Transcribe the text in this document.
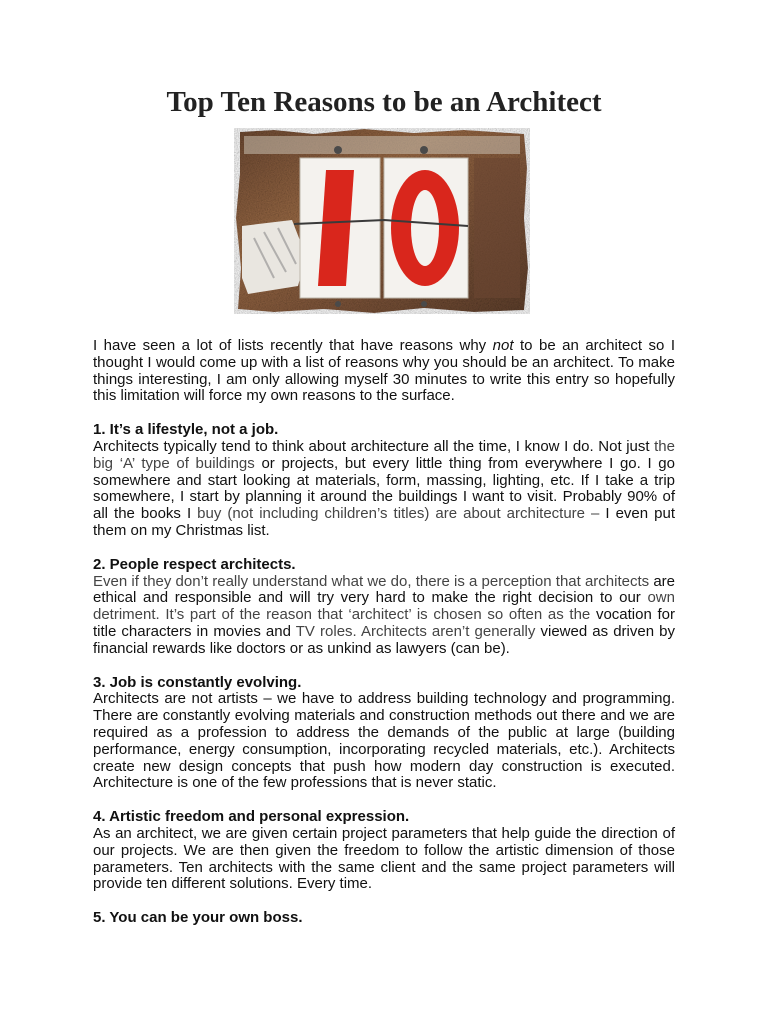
Top Ten Reasons to be an Architect

I have seen a lot of lists recently that have reasons why not to be an architect so I thought I would come up with a list of reasons why you should be an architect. To make things interesting, I am only allowing myself 30 minutes to write this entry so hopefully this limitation will force my own reasons to the surface.

1. It’s a lifestyle, not a job.

Architects typically tend to think about architecture all the time, I know I do. Not just the big ‘A’ type of buildings or projects, but every little thing from everywhere I go. I go somewhere and start looking at materials, form, massing, lighting, etc. If I take a trip somewhere, I start by planning it around the buildings I want to visit. Probably 90% of all the books I buy (not including children’s titles) are about architecture – I even put them on my Christmas list.

2. People respect architects.

Even if they don’t really understand what we do, there is a perception that architects are ethical and responsible and will try very hard to make the right decision to our own detriment. It’s part of the reason that ‘architect’ is chosen so often as the vocation for title characters in movies and TV roles. Architects aren’t generally viewed as driven by financial rewards like doctors or as unkind as lawyers (can be).

3. Job is constantly evolving.

Architects are not artists – we have to address building technology and programming. There are constantly evolving materials and construction methods out there and we are required as a profession to address the demands of the public at large (building performance, energy consumption, incorporating recycled materials, etc.). Architects create new design concepts that push how modern day construction is executed. Architecture is one of the few professions that is never static.

4. Artistic freedom and personal expression.

As an architect, we are given certain project parameters that help guide the direction of our projects. We are then given the freedom to follow the artistic dimension of those parameters. Ten architects with the same client and the same project parameters will provide ten different solutions. Every time.

5. You can be your own boss.
